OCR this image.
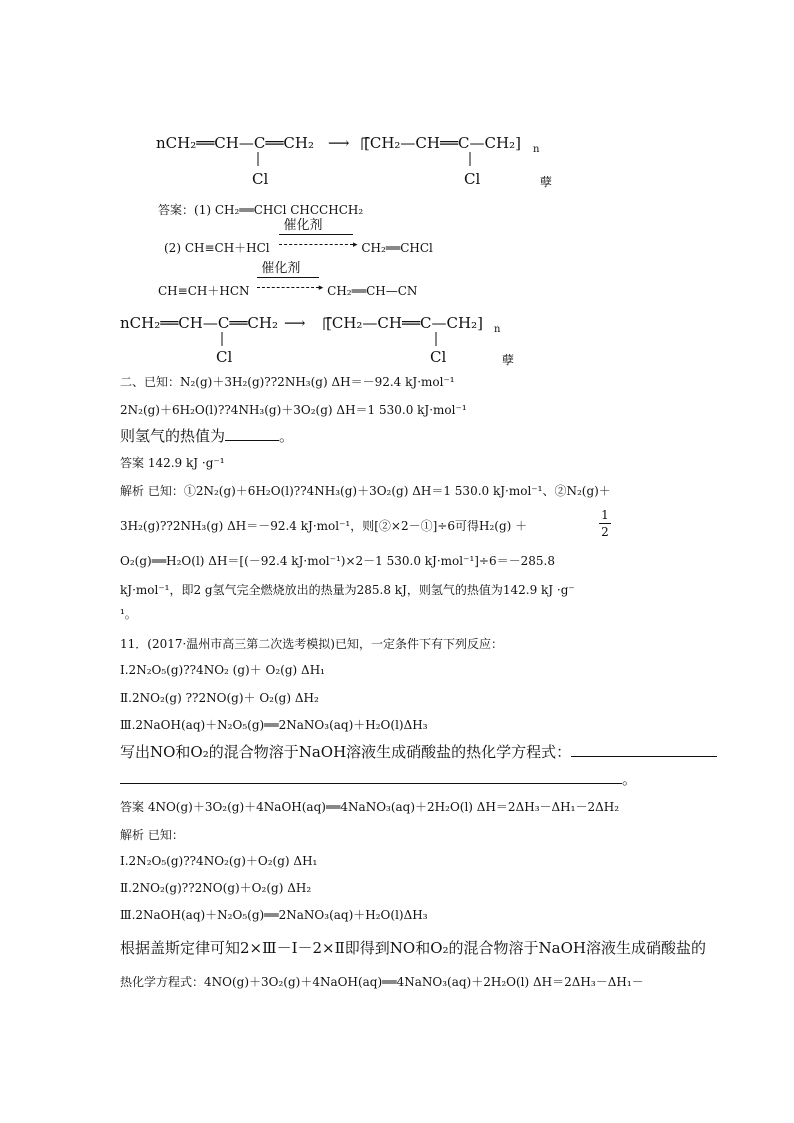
nCH₂══CH—C══CH₂ ⟶ [CH₂—CH══C—CH₂] n
Cl	Cl	孽
答案：(1) CH₂══CHCl CHCCHCH₂
(2) CH≡CH＋HCl
催化剂
▸ CH₂══CHCl
CH≡CH＋HCN
催化剂
▸ CH₂══CH—CN
nCH₂══CH—C══CH₂ ⟶ [CH₂—CH══C—CH₂] n
Cl	Cl	孽
二、已知：N₂(g)＋3H₂(g)??2NH₃(g) ΔH＝－92.4 kJ·mol⁻¹
2N₂(g)＋6H₂O(l)??4NH₃(g)＋3O₂(g) ΔH＝1 530.0 kJ·mol⁻¹
则氢气的热值为	。
答案 142.9 kJ ·g⁻¹
解析 已知：①2N₂(g)＋6H₂O(l)??4NH₃(g)＋3O₂(g) ΔH＝1 530.0 kJ·mol⁻¹、②N₂(g)＋
3H₂(g)??2NH₃(g) ΔH＝－92.4 kJ·mol⁻¹，则[②×2－①]÷6可得H₂(g) ＋
1
2
O₂(g)══H₂O(l) ΔH＝[(－92.4 kJ·mol⁻¹)×2－1 530.0 kJ·mol⁻¹]÷6＝－285.8
kJ·mol⁻¹，即2 g氢气完全燃烧放出的热量为285.8 kJ，则氢气的热值为142.9 kJ ·g⁻
¹。
11．(2017·温州市高三第二次选考模拟)已知，一定条件下有下列反应：
Ⅰ.2N₂O₅(g)??4NO₂ (g)＋ O₂(g) ΔH₁
Ⅱ.2NO₂(g) ??2NO(g)＋ O₂(g) ΔH₂
Ⅲ.2NaOH(aq)＋N₂O₅(g)══2NaNO₃(aq)＋H₂O(l)ΔH₃
写出NO和O₂的混合物溶于NaOH溶液生成硝酸盐的热化学方程式：
。
答案 4NO(g)＋3O₂(g)＋4NaOH(aq)══4NaNO₃(aq)＋2H₂O(l) ΔH＝2ΔH₃－ΔH₁－2ΔH₂
解析 已知：
Ⅰ.2N₂O₅(g)??4NO₂(g)＋O₂(g) ΔH₁
Ⅱ.2NO₂(g)??2NO(g)＋O₂(g) ΔH₂
Ⅲ.2NaOH(aq)＋N₂O₅(g)══2NaNO₃(aq)＋H₂O(l)ΔH₃
根据盖斯定律可知2×Ⅲ－Ⅰ－2×Ⅱ即得到NO和O₂的混合物溶于NaOH溶液生成硝酸盐的
热化学方程式：4NO(g)＋3O₂(g)＋4NaOH(aq)══4NaNO₃(aq)＋2H₂O(l) ΔH＝2ΔH₃－ΔH₁－
